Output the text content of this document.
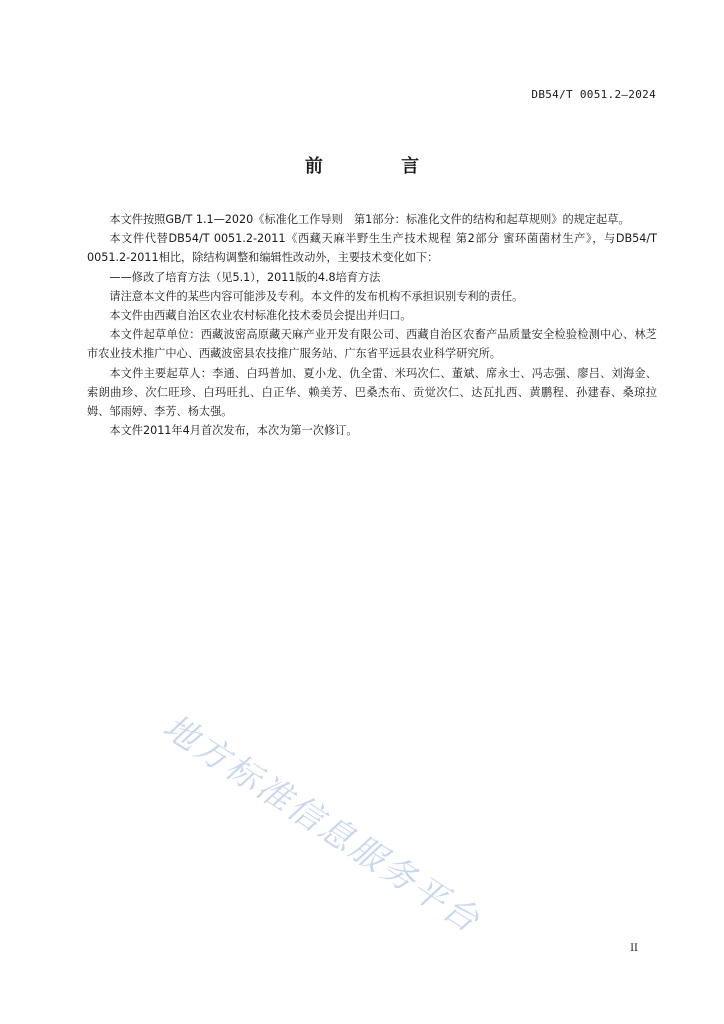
DB54/T 0051.2—2024
前 言

本文件按照GB/T 1.1—2020《标准化工作导则　第1部分：标准化文件的结构和起草规则》的规定起草。

本文件代替DB54/T 0051.2-2011《西藏天麻半野生生产技术规程 第2部分 蜜环菌菌材生产》，与DB54/T 0051.2-2011相比，除结构调整和编辑性改动外，主要技术变化如下：

——修改了培育方法（见5.1），2011版的4.8培育方法

请注意本文件的某些内容可能涉及专利。本文件的发布机构不承担识别专利的责任。

本文件由西藏自治区农业农村标准化技术委员会提出并归口。

本文件起草单位：西藏波密高原藏天麻产业开发有限公司、西藏自治区农畜产品质量安全检验检测中心、林芝市农业技术推广中心、西藏波密县农技推广服务站、广东省平远县农业科学研究所。

本文件主要起草人：李通、白玛普加、夏小龙、仇全雷、米玛次仁、董斌、席永士、冯志强、廖吕、刘海金、索朗曲珍、次仁旺珍、白玛旺扎、白正华、赖美芳、巴桑杰布、贡觉次仁、达瓦扎西、黄鹏程、孙建春、桑琼拉姆、邹雨婷、李芳、杨太强。

本文件2011年4月首次发布，本次为第一次修订。

地方标准信息服务平台
II
